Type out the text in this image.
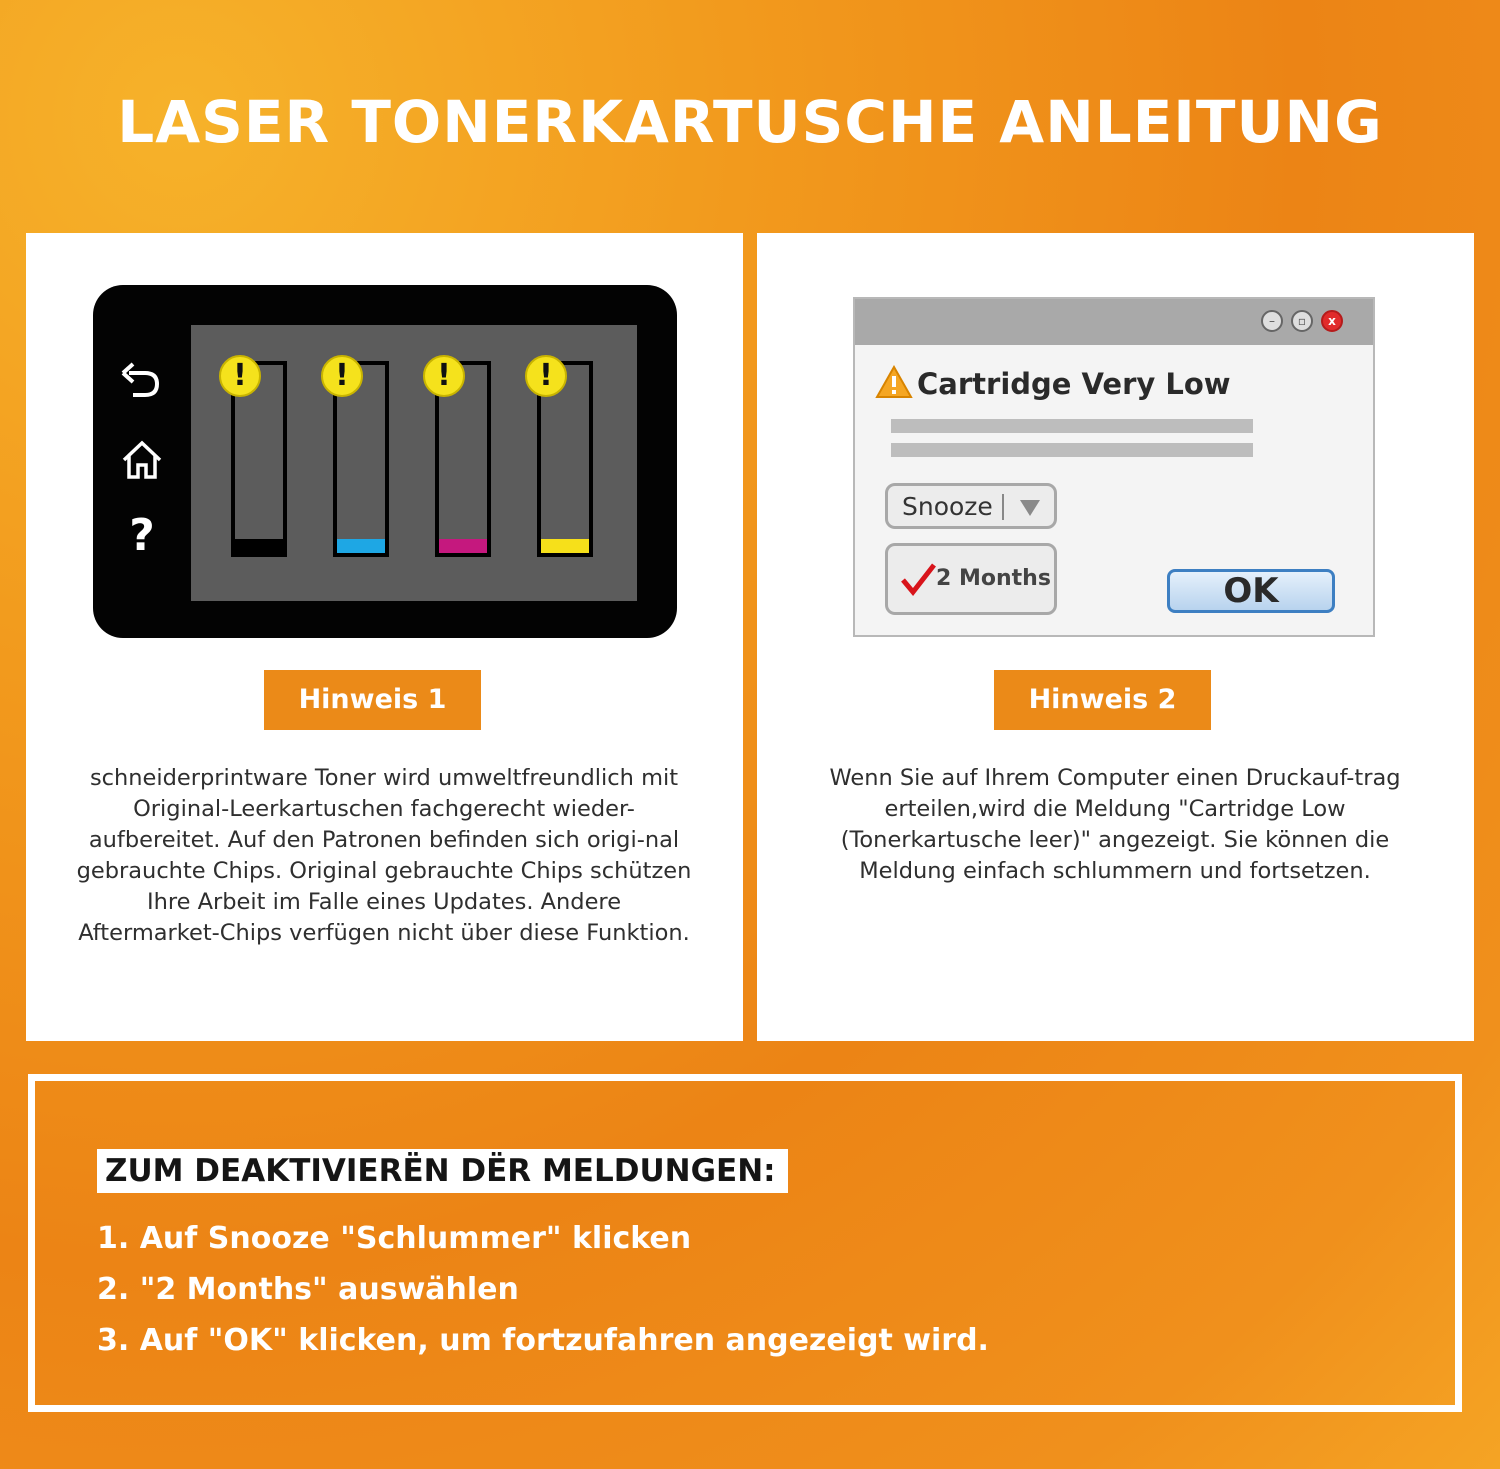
LASER TONERKARTUSCHE ANLEITUNG
?
!	!	!	!
Hinweis 1
schneiderprintware Toner wird umweltfreundlich mit Original-Leerkartuschen fachgerecht wieder-aufbereitet. Auf den Patronen befinden sich origi-nal gebrauchte Chips. Original gebrauchte Chips schützen Ihre Arbeit im Falle eines Updates. Andere Aftermarket-Chips verfügen nicht über diese Funktion.
–	▫	x
Cartridge Very Low
Snooze
2 Months	OK
Hinweis 2
Wenn Sie auf Ihrem Computer einen Druckauf-trag erteilen,wird die Meldung "Cartridge Low (Tonerkartusche leer)" angezeigt. Sie können die Meldung einfach schlummern und fortsetzen.
ZUM DEAKTIVIERËN DËR MELDUNGEN:
1. Auf Snooze "Schlummer" klicken
2. "2 Months" auswählen
3. Auf "OK" klicken, um fortzufahren angezeigt wird.
